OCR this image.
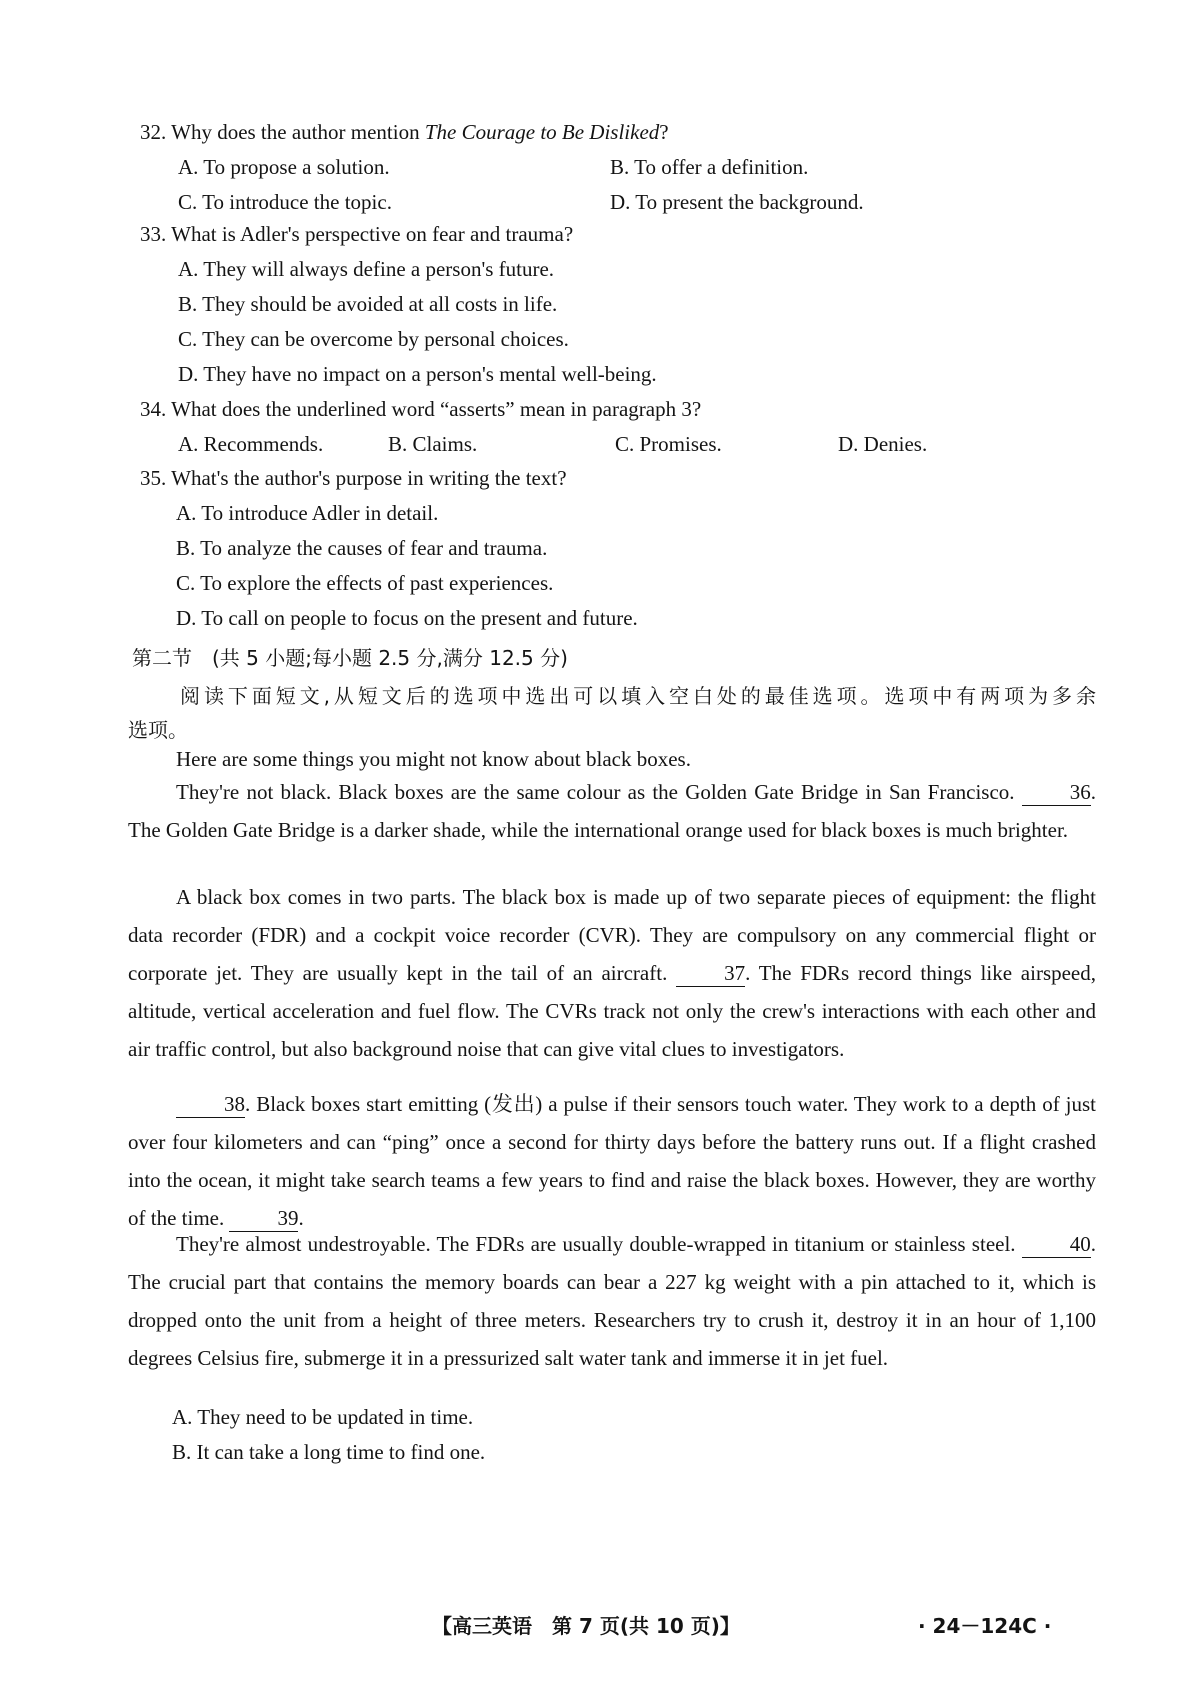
32. Why does the author mention The Courage to Be Disliked?
A. To propose a solution.	B. To offer a definition.
C. To introduce the topic.	D. To present the background.
33. What is Adler's perspective on fear and trauma?
A. They will always define a person's future.
B. They should be avoided at all costs in life.
C. They can be overcome by personal choices.
D. They have no impact on a person's mental well-being.
34. What does the underlined word “asserts” mean in paragraph 3?
A. Recommends.	B. Claims.	C. Promises.	D. Denies.
35. What's the author's purpose in writing the text?
A. To introduce Adler in detail.
B. To analyze the causes of fear and trauma.
C. To explore the effects of past experiences.
D. To call on people to focus on the present and future.
第二节　(共 5 小题;每小题 2.5 分,满分 12.5 分)
阅读下面短文,从短文后的选项中选出可以填入空白处的最佳选项。选项中有两项为多余
选项。
Here are some things you might not know about black boxes.
They're not black. Black boxes are the same colour as the Golden Gate Bridge in San Francisco.	36. The Golden Gate Bridge is a darker shade, while the international orange used for black boxes is much brighter.
A black box comes in two parts. The black box is made up of two separate pieces of equipment: the flight data recorder (FDR) and a cockpit voice recorder (CVR). They are compulsory on any commercial flight or corporate jet. They are usually kept in the tail of an aircraft.	37. The FDRs record things like airspeed, altitude, vertical acceleration and fuel flow. The CVRs track not only the crew's interactions with each other and air traffic control, but also background noise that can give vital clues to investigators.
38. Black boxes start emitting (发出) a pulse if their sensors touch water. They work to a depth of just over four kilometers and can “ping” once a second for thirty days before the battery runs out. If a flight crashed into the ocean, it might take search teams a few years to find and raise the black boxes. However, they are worthy of the time.	39.
They're almost undestroyable. The FDRs are usually double-wrapped in titanium or stainless steel.	40. The crucial part that contains the memory boards can bear a 227 kg weight with a pin attached to it, which is dropped onto the unit from a height of three meters. Researchers try to crush it, destroy it in an hour of 1,100 degrees Celsius fire, submerge it in a pressurized salt water tank and immerse it in jet fuel.
A. They need to be updated in time.
B. It can take a long time to find one.
【高三英语　第 7 页(共 10 页)】	· 24－124C ·
